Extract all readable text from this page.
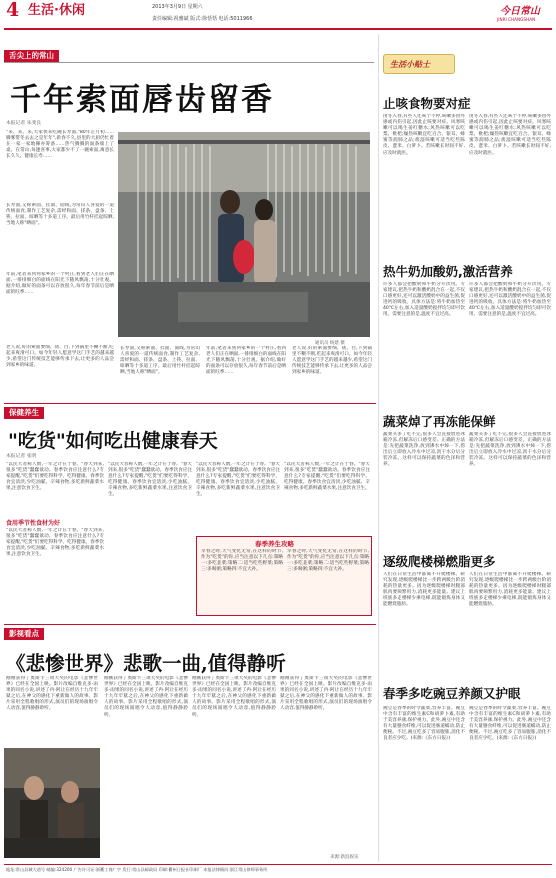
4 生活·休闲	2013年3月9日 星期六
责任编辑:祝雅斌 版式:徐恬恬 电话:5011966
今日常山
JINRI CHANGSHAN
舌尖上的常山
千年索面唇齿留香
本报记者 朱斐良
"来、来、来,大家快来吃碗长寿面,"80年正月初……腾雾带冬去去之是年年",新春不久,县里的大厨仍忙着在一家一家地操办筹备……热气腾腾的面条端上了桌。在常山,每逢喜事,大家都少不了一碗索面,寓意长长久久、健康长寿……
长寿面,又称索面、挂面、面线,为常山人喜爱的一道传统面食,制作工艺复杂,需经和面、搓条、盘条、上筷、拉面、晾晒等十多道工序。最后用竹杆挂起晾晒,当地人称"晒面"。
年前,笔者来到何家乡的一个村庄,看到老人们正在晒面,一排排细白的面线在阳光下随风飘荡,十分壮观。据介绍,做好的面条可以存放很久,每年春节前后是晒面的旺季……
通讯员 杨建 摄
老人说,好的索面要细、韧、白,下到锅里不糊不断,吃起来爽滑可口。如今年轻人愿意学这门手艺的越来越少,希望这门传统技艺能够传承下去,让更多的人品尝到家乡的味道。
长寿面,又称索面、挂面、面线,为常山人喜爱的一道传统面食,制作工艺复杂,需经和面、搓条、盘条、上筷、拉面、晾晒等十多道工序。最后用竹杆挂起晾晒,当地人称"晒面"。
年前,笔者来到何家乡的一个村庄,看到老人们正在晒面,一排排细白的面线在阳光下随风飘荡,十分壮观。据介绍,做好的面条可以存放很久,每年春节前后是晒面的旺季……
老人说,好的索面要细、韧、白,下到锅里不糊不断,吃起来爽滑可口。如今年轻人愿意学这门手艺的越来越少,希望这门传统技艺能够传承下去,让更多的人品尝到家乡的味道。
保健养生
"吃货"如何吃出健康春天
本报记者 张明
"以民大者称人数,一年之计在于春。"春天到来,很多"吃货"蠢蠢欲动。春季饮食应注意什么?专家提醒,"吃货"们要吃得科学、吃得健康。春季饮食宜清淡,少吃油腻、辛辣食物,多吃新鲜蔬菜水果,注意饮食卫生。
食用季节性食材为好
"以民大者称人数,一年之计在于春。"春天到来,很多"吃货"蠢蠢欲动。春季饮食应注意什么?专家提醒,"吃货"们要吃得科学、吃得健康。春季饮食宜清淡,少吃油腻、辛辣食物,多吃新鲜蔬菜水果,注意饮食卫生。
"以民大者称人数,一年之计在于春。"春天到来,很多"吃货"蠢蠢欲动。春季饮食应注意什么?专家提醒,"吃货"们要吃得科学、吃得健康。春季饮食宜清淡,少吃油腻、辛辣食物,多吃新鲜蔬菜水果,注意饮食卫生。
"以民大者称人数,一年之计在于春。"春天到来,很多"吃货"蠢蠢欲动。春季饮食应注意什么?专家提醒,"吃货"们要吃得科学、吃得健康。春季饮食宜清淡,少吃油腻、辛辣食物,多吃新鲜蔬菜水果,注意饮食卫生。
"以民大者称人数,一年之计在于春。"春天到来,很多"吃货"蠢蠢欲动。春季饮食应注意什么?专家提醒,"吃货"们要吃得科学、吃得健康。春季饮食宜清淡,少吃油腻、辛辣食物,多吃新鲜蔬菜水果,注意饮食卫生。
春季养生攻略
早春之时,天气变化无常,在这样的时节,作为"吃货"的你,应当注意以下几点:策略一:多吃韭菜;策略二:适当吃些野菜;策略三:多喝粥;策略四:不宜大补。
早春之时,天气变化无常,在这样的时节,作为"吃货"的你,应当注意以下几点:策略一:多吃韭菜;策略二:适当吃些野菜;策略三:多喝粥;策略四:不宜大补。
影视看点
《悲惨世界》悲歌一曲,值得静听
刚刚获得了奥斯卡三项大奖的电影《悲惨世界》已经在全国上映。影片改编自维克多·雨果的同名小说,讲述了冉·阿让在经历十九年牢狱之后,在神父的感化下重新做人的故事。影片采用全程歌唱的形式,演员们的现场演唱令人动容,值得静静聆听。
刚刚获得了奥斯卡三项大奖的电影《悲惨世界》已经在全国上映。影片改编自维克多·雨果的同名小说,讲述了冉·阿让在经历十九年牢狱之后,在神父的感化下重新做人的故事。影片采用全程歌唱的形式,演员们的现场演唱令人动容,值得静静聆听。
刚刚获得了奥斯卡三项大奖的电影《悲惨世界》已经在全国上映。影片改编自维克多·雨果的同名小说,讲述了冉·阿让在经历十九年牢狱之后,在神父的感化下重新做人的故事。影片采用全程歌唱的形式,演员们的现场演唱令人动容,值得静静聆听。
刚刚获得了奥斯卡三项大奖的电影《悲惨世界》已经在全国上映。影片改编自维克多·雨果的同名小说,讲述了冉·阿让在经历十九年牢狱之后,在神父的感化下重新做人的故事。影片采用全程歌唱的形式,演员们的现场演唱令人动容,值得静静聆听。
来源:新浪娱乐
生活小贴士
止咳食物要对症
由冬入春,有些人还咳个不停,咳嗽多由外感或内伤引起,因此止咳要对症。风寒咳嗽可以喝生姜红糖水;风热咳嗽可以吃梨、枇杷;燥热咳嗽宜吃百合、银耳、蜂蜜等润肺之品;痰湿咳嗽可适当吃些陈皮、薏米、白萝卜。若咳嗽长时间不好,应及时就医。
由冬入春,有些人还咳个不停,咳嗽多由外感或内伤引起,因此止咳要对症。风寒咳嗽可以喝生姜红糖水;风热咳嗽可以吃梨、枇杷;燥热咳嗽宜吃百合、银耳、蜂蜜等润肺之品;痰湿咳嗽可适当吃些陈皮、薏米、白萝卜。若咳嗽长时间不好,应及时就医。
热牛奶加酸奶,激活营养
许多人都会把酸奶和牛奶分开饮用。专家建议,把热牛奶和酸奶混合在一起,不仅口感更好,还可以激活酸奶中的益生菌,促进钙的吸收。具体方法是:将牛奶加热至40℃左右,加入适量酸奶搅拌均匀即可饮用。需要注意的是,温度不宜过高。
许多人都会把酸奶和牛奶分开饮用。专家建议,把热牛奶和酸奶混合在一起,不仅口感更好,还可以激活酸奶中的益生菌,促进钙的吸收。具体方法是:将牛奶加热至40℃左右,加入适量酸奶搅拌均匀即可饮用。需要注意的是,温度不宜过高。
蔬菜焯了再冻能保鲜
蔬菜买多了吃不完,很多人会直接放进冰箱冷冻,但解冻后口感变差。正确的方法是:先把蔬菜洗净,放到沸水中焯一下,捞出后立即放入冷水中过凉,沥干水分后分装冷冻。这样可以保持蔬菜的色泽和营养。
蔬菜买多了吃不完,很多人会直接放进冰箱冷冻,但解冻后口感变差。正确的方法是:先把蔬菜洗净,放到沸水中焯一下,捞出后立即放入冷水中过凉,沥干水分后分装冷冻。这样可以保持蔬菜的色泽和营养。
逐级爬楼梯燃脂更多
人们在日常生活中都离不开爬楼梯。研究发现,逐级爬楼梯比一步跨两级台阶消耗的热量更多。因为逐级爬楼梯时腿部肌肉要频繁用力,消耗更多能量。建议上班族多走楼梯少乘电梯,既能锻炼身体又能燃烧脂肪。
人们在日常生活中都离不开爬楼梯。研究发现,逐级爬楼梯比一步跨两级台阶消耗的热量更多。因为逐级爬楼梯时腿部肌肉要频繁用力,消耗更多能量。建议上班族多走楼梯少乘电梯,既能锻炼身体又能燃烧脂肪。
春季多吃豌豆养颜又护眼
豌豆是春季的时令蔬菜,营养丰富。豌豆中含有丰富的维生素C和胡萝卜素,有助于美容养颜,保护视力。此外,豌豆中还含有大量膳食纤维,可以促进肠道蠕动,防止便秘。不过,豌豆吃多了容易腹胀,消化不良者应少吃。(来源:《东方日报》)
豌豆是春季的时令蔬菜,营养丰富。豌豆中含有丰富的维生素C和胡萝卜素,有助于美容养颜,保护视力。此外,豌豆中还含有大量膳食纤维,可以促进肠道蠕动,防止便秘。不过,豌豆吃多了容易腹胀,消化不良者应少吃。(来源:《东方日报》)
地址:常山县城大道号 邮编:324200 广告许可证:浙衢工商广字 发行:常山县邮政局 印刷:衢州日报社印刷厂 本报法律顾问:浙江常山律师事务所
